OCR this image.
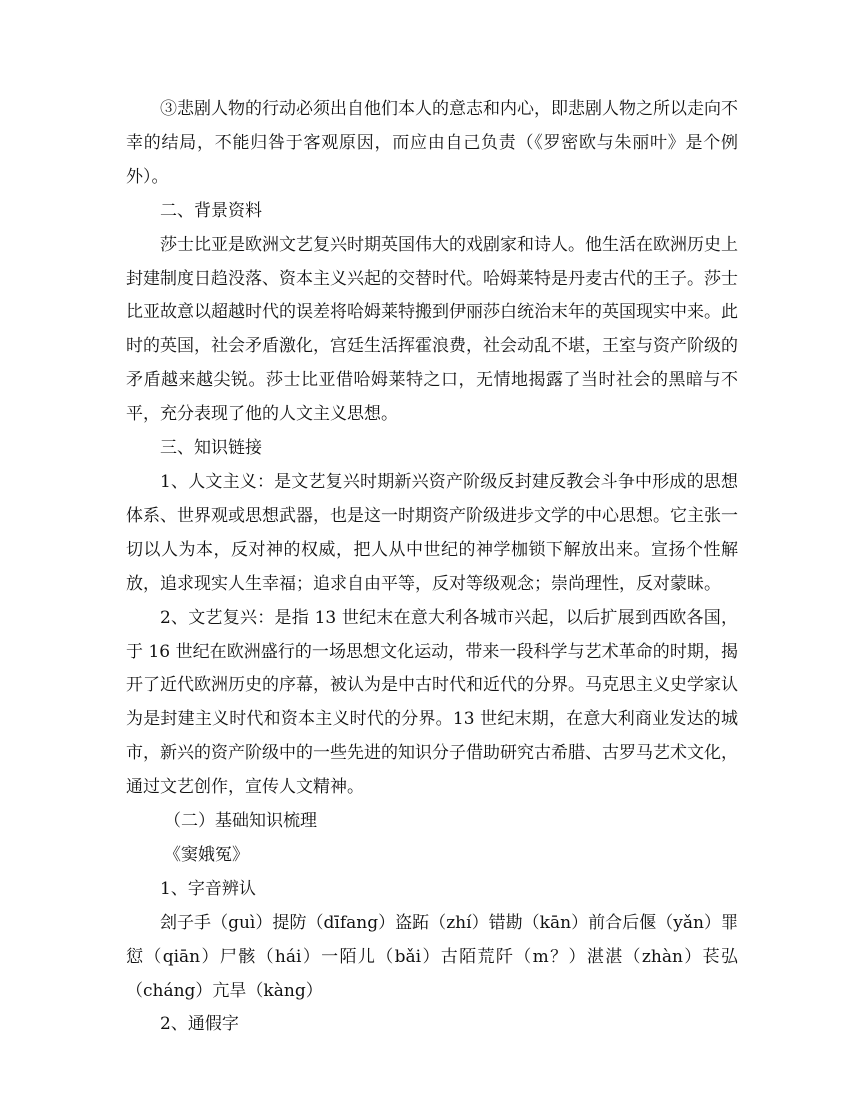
③悲剧人物的行动必须出自他们本人的意志和内心，即悲剧人物之所以走向不幸的结局，不能归咎于客观原因，而应由自己负责（《罗密欧与朱丽叶》是个例外）。

二、背景资料

莎士比亚是欧洲文艺复兴时期英国伟大的戏剧家和诗人。他生活在欧洲历史上封建制度日趋没落、资本主义兴起的交替时代。哈姆莱特是丹麦古代的王子。莎士比亚故意以超越时代的误差将哈姆莱特搬到伊丽莎白统治末年的英国现实中来。此时的英国，社会矛盾激化，宫廷生活挥霍浪费，社会动乱不堪，王室与资产阶级的矛盾越来越尖锐。莎士比亚借哈姆莱特之口，无情地揭露了当时社会的黑暗与不平，充分表现了他的人文主义思想。

三、知识链接

1、人文主义：是文艺复兴时期新兴资产阶级反封建反教会斗争中形成的思想体系、世界观或思想武器，也是这一时期资产阶级进步文学的中心思想。它主张一切以人为本，反对神的权威，把人从中世纪的神学枷锁下解放出来。宣扬个性解放，追求现实人生幸福；追求自由平等，反对等级观念；崇尚理性，反对蒙昧。

2、文艺复兴：是指 13 世纪末在意大利各城市兴起，以后扩展到西欧各国，于 16 世纪在欧洲盛行的一场思想文化运动，带来一段科学与艺术革命的时期，揭开了近代欧洲历史的序幕，被认为是中古时代和近代的分界。马克思主义史学家认为是封建主义时代和资本主义时代的分界。13 世纪末期，在意大利商业发达的城市，新兴的资产阶级中的一些先进的知识分子借助研究古希腊、古罗马艺术文化，通过文艺创作，宣传人文精神。

（二）基础知识梳理

《窦娥冤》

1、字音辨认

刽子手（guì）提防（dīfang）盗跖（zhí）错勘（kān）前合后偃（yǎn）罪愆（qiān）尸骸（hái）一陌儿（bǎi）古陌荒阡（m？）湛湛（zhàn）苌弘（cháng）亢旱（kàng）

2、通假字
